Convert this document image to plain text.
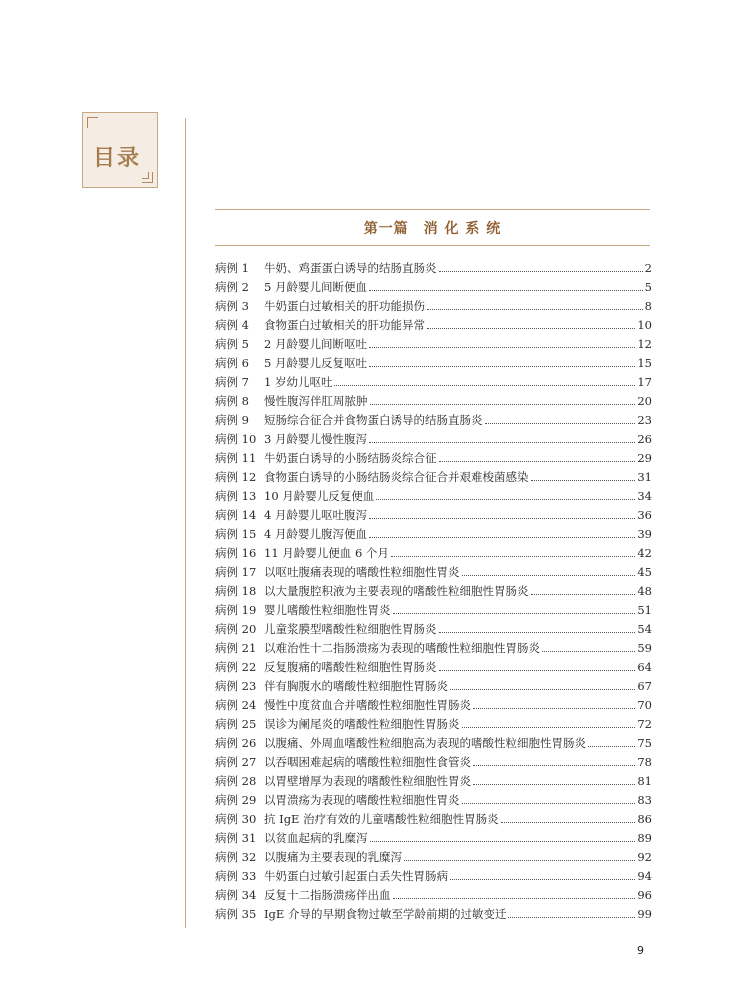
目录
第一篇　消 化 系 统
病例 1	牛奶、鸡蛋蛋白诱导的结肠直肠炎	2
病例 2	5 月龄婴儿间断便血	5
病例 3	牛奶蛋白过敏相关的肝功能损伤	8
病例 4	食物蛋白过敏相关的肝功能异常	10
病例 5	2 月龄婴儿间断呕吐	12
病例 6	5 月龄婴儿反复呕吐	15
病例 7	1 岁幼儿呕吐	17
病例 8	慢性腹泻伴肛周脓肿	20
病例 9	短肠综合征合并食物蛋白诱导的结肠直肠炎	23
病例 10 3 月龄婴儿慢性腹泻	26
病例 11 牛奶蛋白诱导的小肠结肠炎综合征	29
病例 12 食物蛋白诱导的小肠结肠炎综合征合并艰难梭菌感染	31
病例 13 10 月龄婴儿反复便血	34
病例 14 4 月龄婴儿呕吐腹泻	36
病例 15 4 月龄婴儿腹泻便血	39
病例 16 11 月龄婴儿便血 6 个月	42
病例 17 以呕吐腹痛表现的嗜酸性粒细胞性胃炎	45
病例 18 以大量腹腔积液为主要表现的嗜酸性粒细胞性胃肠炎	48
病例 19 婴儿嗜酸性粒细胞性胃炎	51
病例 20 儿童浆膜型嗜酸性粒细胞性胃肠炎	54
病例 21 以难治性十二指肠溃疡为表现的嗜酸性粒细胞性胃肠炎	59
病例 22 反复腹痛的嗜酸性粒细胞性胃肠炎	64
病例 23 伴有胸腹水的嗜酸性粒细胞性胃肠炎	67
病例 24 慢性中度贫血合并嗜酸性粒细胞性胃肠炎	70
病例 25 误诊为阑尾炎的嗜酸性粒细胞性胃肠炎	72
病例 26 以腹痛、外周血嗜酸性粒细胞高为表现的嗜酸性粒细胞性胃肠炎	75
病例 27 以吞咽困难起病的嗜酸性粒细胞性食管炎	78
病例 28 以胃壁增厚为表现的嗜酸性粒细胞性胃炎	81
病例 29 以胃溃疡为表现的嗜酸性粒细胞性胃炎	83
病例 30 抗 IgE 治疗有效的儿童嗜酸性粒细胞性胃肠炎	86
病例 31 以贫血起病的乳糜泻	89
病例 32 以腹痛为主要表现的乳糜泻	92
病例 33 牛奶蛋白过敏引起蛋白丢失性胃肠病	94
病例 34 反复十二指肠溃疡伴出血	96
病例 35 IgE 介导的早期食物过敏至学龄前期的过敏变迁	99
9
